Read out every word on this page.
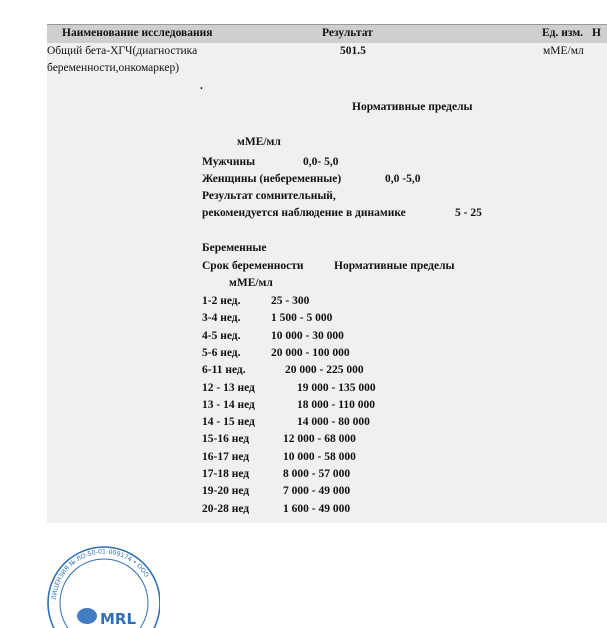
Наименование исследования	Результат	Ед. изм. Н
Общий бета-ХГЧ(диагностика
беременности,онкомаркер)
501.5	мМЕ/мл
.
Нормативные пределы
мМЕ/мл
Мужчины	0,0- 5,0
Женщины (небеременные)	0,0 -5,0
Результат сомнительный,
рекомендуется наблюдение в динамике	5 - 25
Беременные
Срок беременности	Нормативные пределы
мМЕ/мл
1-2 нед.	25 - 300
3-4 нед.	1 500 - 5 000
4-5 нед.	10 000 - 30 000
5-6 нед.	20 000 - 100 000
6-11 нед.	20 000 - 225 000
12 - 13 нед	19 000 - 135 000
13 - 14 нед	18 000 - 110 000
14 - 15 нед	14 000 - 80 000
15-16 нед	12 000 - 68 000
16-17 нед	10 000 - 58 000
17-18 нед	8 000 - 57 000
19-20 нед	7 000 - 49 000
20-28 нед	1 600 - 49 000
ЛИЦЕНЗИЯ № ЛО-50-01-009174 • ООО
MRL
